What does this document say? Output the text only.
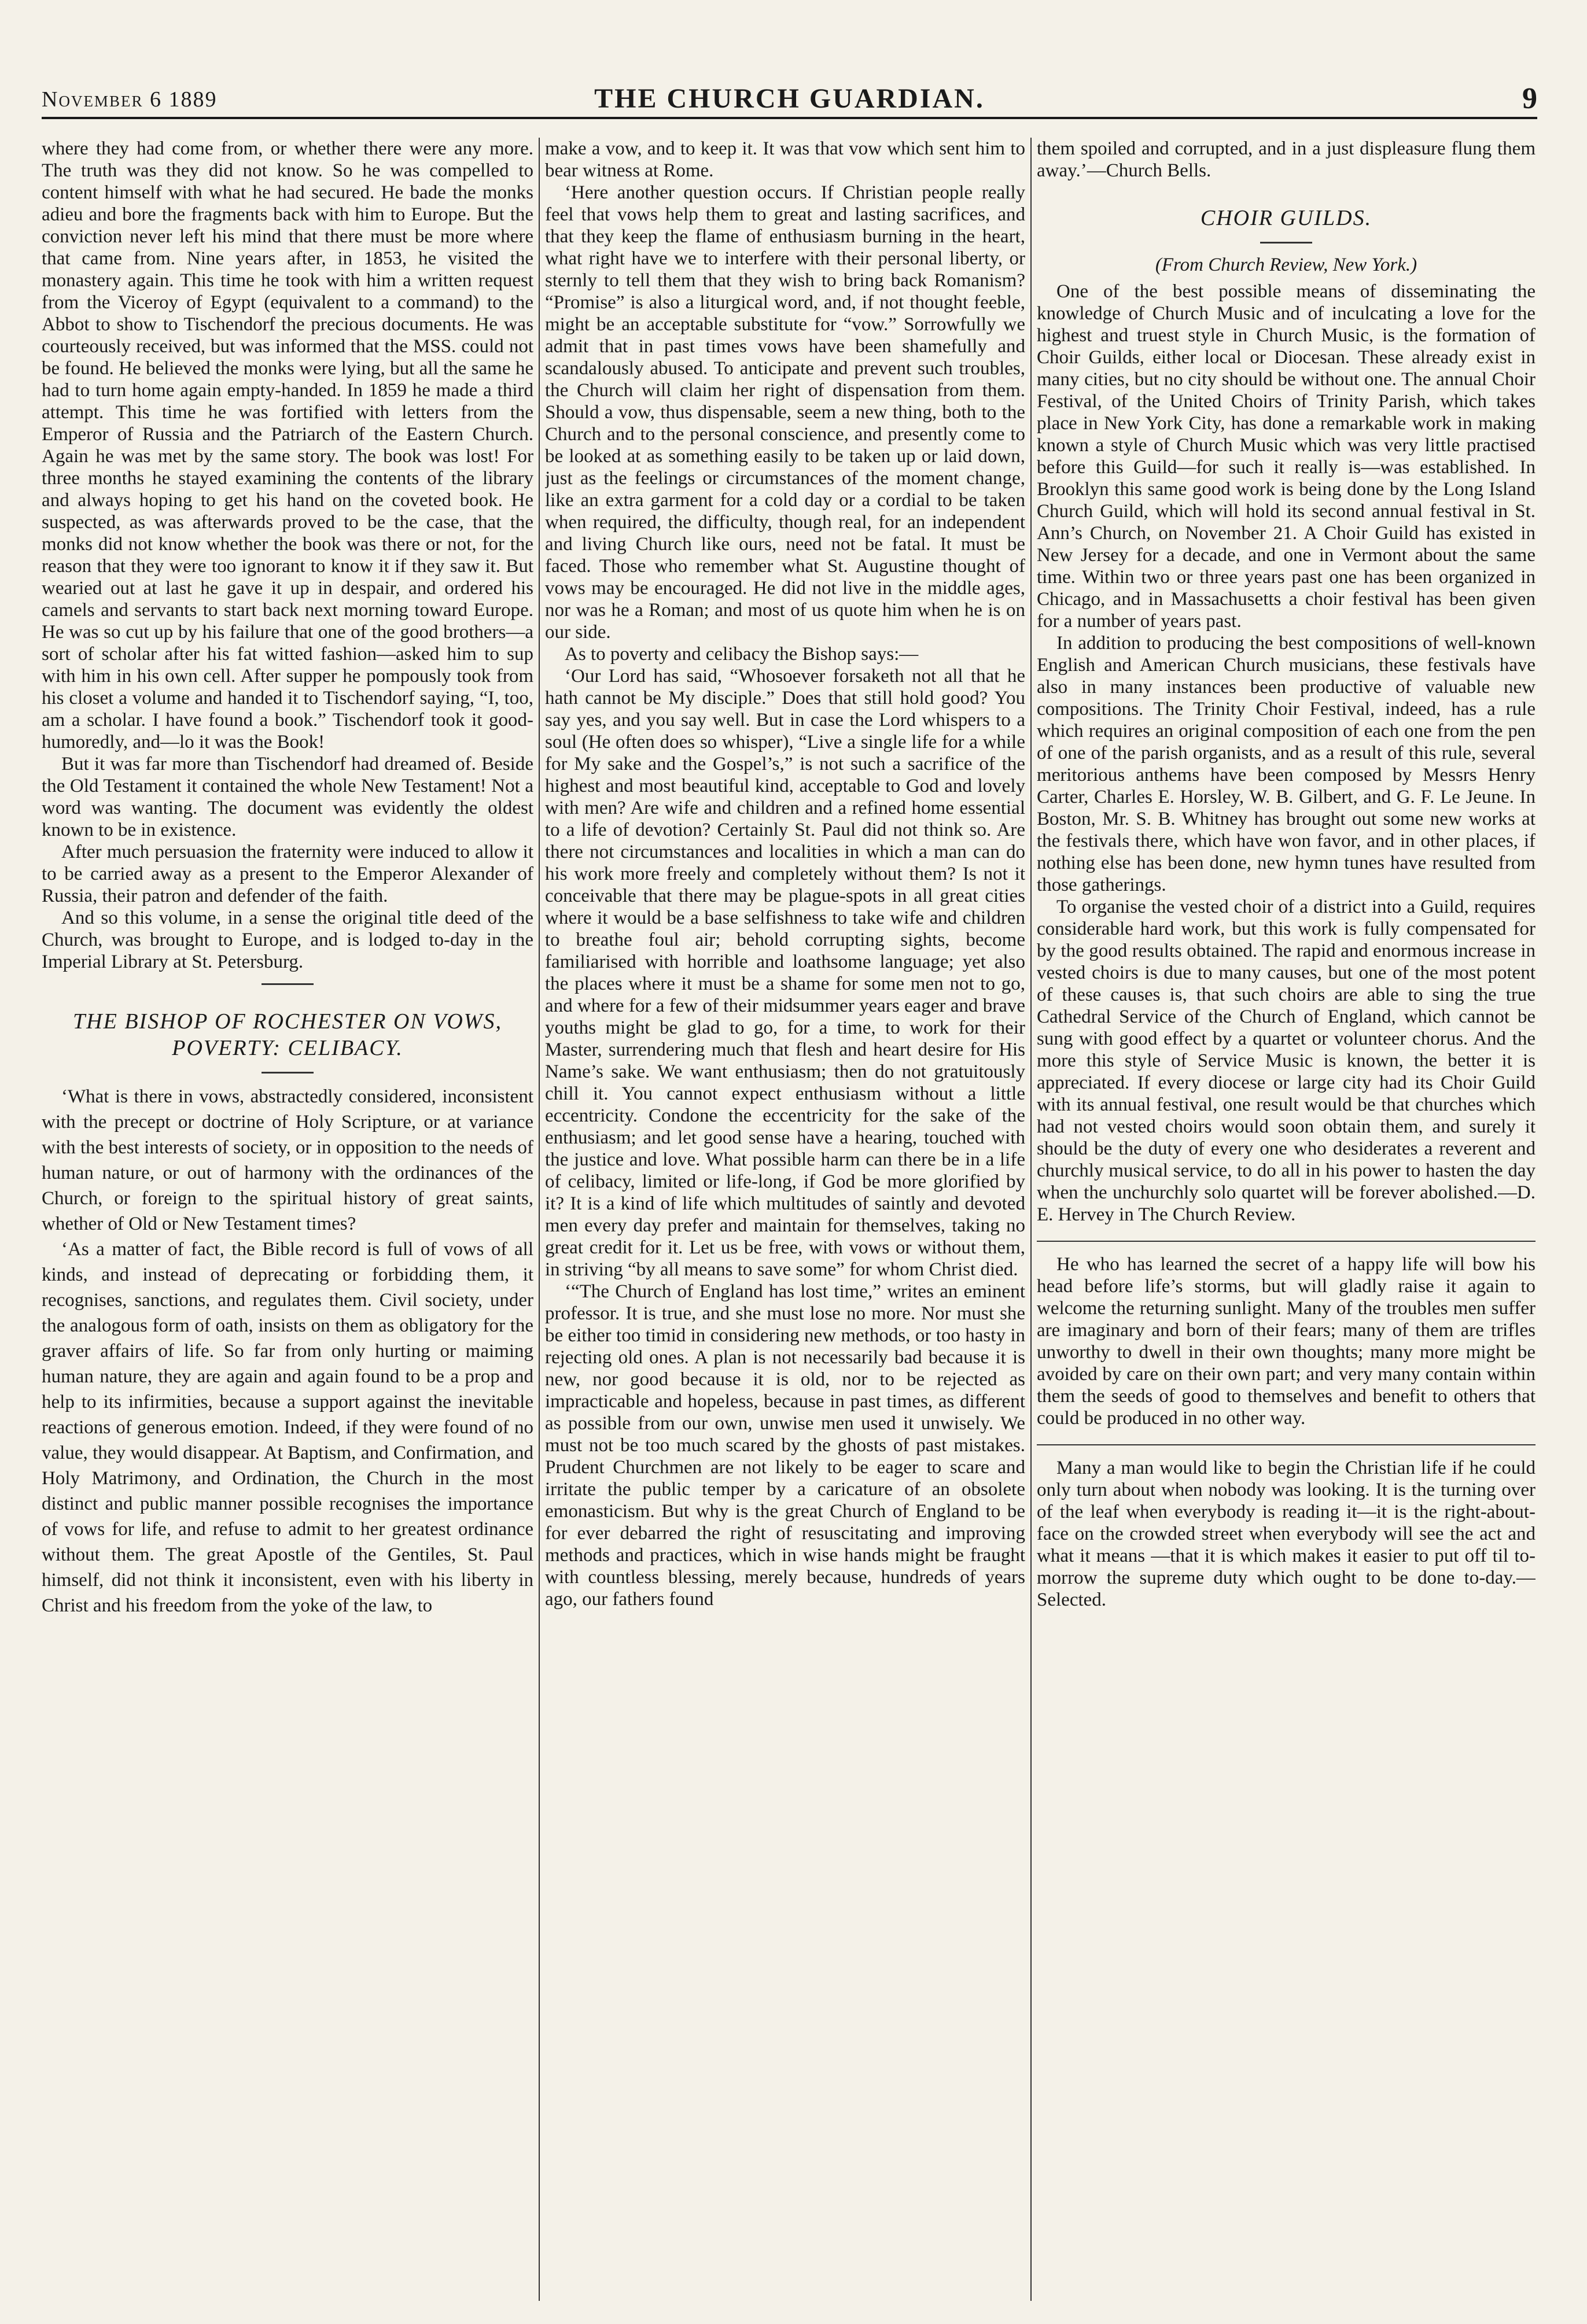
November 6 1889	THE CHURCH GUARDIAN.	9

where they had come from, or whether there were any more. The truth was they did not know. So he was compelled to content himself with what he had secured. He bade the monks adieu and bore the fragments back with him to Europe. But the conviction never left his mind that there must be more where that came from. Nine years after, in 1853, he visited the monastery again. This time he took with him a written request from the Viceroy of Egypt (equivalent to a command) to the Abbot to show to Tischendorf the precious documents. He was courteously received, but was informed that the MSS. could not be found. He believed the monks were lying, but all the same he had to turn home again empty-handed. In 1859 he made a third attempt. This time he was fortified with letters from the Emperor of Russia and the Patriarch of the Eastern Church. Again he was met by the same story. The book was lost! For three months he stayed examining the contents of the library and always hoping to get his hand on the coveted book. He suspected, as was afterwards proved to be the case, that the monks did not know whether the book was there or not, for the reason that they were too ignorant to know it if they saw it. But wearied out at last he gave it up in despair, and ordered his camels and servants to start back next morning toward Europe. He was so cut up by his failure that one of the good brothers—a sort of scholar after his fat witted fashion—asked him to sup with him in his own cell. After supper he pompously took from his closet a volume and handed it to Tischendorf saying, “I, too, am a scholar. I have found a book.” Tischendorf took it good-humoredly, and—lo it was the Book!

But it was far more than Tischendorf had dreamed of. Beside the Old Testament it contained the whole New Testament! Not a word was wanting. The document was evidently the oldest known to be in existence.

After much persuasion the fraternity were induced to allow it to be carried away as a present to the Emperor Alexander of Russia, their patron and defender of the faith.

And so this volume, in a sense the original title deed of the Church, was brought to Europe, and is lodged to-day in the Imperial Library at St. Petersburg.

THE BISHOP OF ROCHESTER ON VOWS, POVERTY: CELIBACY.

‘What is there in vows, abstractedly considered, inconsistent with the precept or doctrine of Holy Scripture, or at variance with the best interests of society, or in opposition to the needs of human nature, or out of harmony with the ordinances of the Church, or foreign to the spiritual history of great saints, whether of Old or New Testament times?

‘As a matter of fact, the Bible record is full of vows of all kinds, and instead of deprecating or forbidding them, it recognises, sanctions, and regulates them. Civil society, under the analogous form of oath, insists on them as obligatory for the graver affairs of life. So far from only hurting or maiming human nature, they are again and again found to be a prop and help to its infirmities, because a support against the inevitable reactions of generous emotion. Indeed, if they were found of no value, they would disappear. At Baptism, and Confirmation, and Holy Matrimony, and Ordination, the Church in the most distinct and public manner possible recognises the importance of vows for life, and refuse to admit to her greatest ordinance without them. The great Apostle of the Gentiles, St. Paul himself, did not think it inconsistent, even with his liberty in Christ and his freedom from the yoke of the law, to

make a vow, and to keep it. It was that vow which sent him to bear witness at Rome.

‘Here another question occurs. If Christian people really feel that vows help them to great and lasting sacrifices, and that they keep the flame of enthusiasm burning in the heart, what right have we to interfere with their personal liberty, or sternly to tell them that they wish to bring back Romanism? “Promise” is also a liturgical word, and, if not thought feeble, might be an acceptable substitute for “vow.” Sorrowfully we admit that in past times vows have been shamefully and scandalously abused. To anticipate and prevent such troubles, the Church will claim her right of dispensation from them. Should a vow, thus dispensable, seem a new thing, both to the Church and to the personal conscience, and presently come to be looked at as something easily to be taken up or laid down, just as the feelings or circumstances of the moment change, like an extra garment for a cold day or a cordial to be taken when required, the difficulty, though real, for an independent and living Church like ours, need not be fatal. It must be faced. Those who remember what St. Augustine thought of vows may be encouraged. He did not live in the middle ages, nor was he a Roman; and most of us quote him when he is on our side.

As to poverty and celibacy the Bishop says:—

‘Our Lord has said, “Whosoever forsaketh not all that he hath cannot be My disciple.” Does that still hold good? You say yes, and you say well. But in case the Lord whispers to a soul (He often does so whisper), “Live a single life for a while for My sake and the Gospel’s,” is not such a sacrifice of the highest and most beautiful kind, acceptable to God and lovely with men? Are wife and children and a refined home essential to a life of devotion? Certainly St. Paul did not think so. Are there not circumstances and localities in which a man can do his work more freely and completely without them? Is not it conceivable that there may be plague-spots in all great cities where it would be a base selfishness to take wife and children to breathe foul air; behold corrupting sights, become familiarised with horrible and loathsome language; yet also the places where it must be a shame for some men not to go, and where for a few of their midsummer years eager and brave youths might be glad to go, for a time, to work for their Master, surrendering much that flesh and heart desire for His Name’s sake. We want enthusiasm; then do not gratuitously chill it. You cannot expect enthusiasm without a little eccentricity. Condone the eccentricity for the sake of the enthusiasm; and let good sense have a hearing, touched with the justice and love. What possible harm can there be in a life of celibacy, limited or life-long, if God be more glorified by it? It is a kind of life which multitudes of saintly and devoted men every day prefer and maintain for themselves, taking no great credit for it. Let us be free, with vows or without them, in striving “by all means to save some” for whom Christ died.

‘“The Church of England has lost time,” writes an eminent professor. It is true, and she must lose no more. Nor must she be either too timid in considering new methods, or too hasty in rejecting old ones. A plan is not necessarily bad because it is new, nor good because it is old, nor to be rejected as impracticable and hopeless, because in past times, as different as possible from our own, unwise men used it unwisely. We must not be too much scared by the ghosts of past mistakes. Prudent Churchmen are not likely to be eager to scare and irritate the public temper by a caricature of an obsolete emonasticism. But why is the great Church of England to be for ever debarred the right of resuscitating and improving methods and practices, which in wise hands might be fraught with countless blessing, merely because, hundreds of years ago, our fathers found

them spoiled and corrupted, and in a just displeasure flung them away.’—Church Bells.

CHOIR GUILDS.
(From Church Review, New York.)

One of the best possible means of disseminating the knowledge of Church Music and of inculcating a love for the highest and truest style in Church Music, is the formation of Choir Guilds, either local or Diocesan. These already exist in many cities, but no city should be without one. The annual Choir Festival, of the United Choirs of Trinity Parish, which takes place in New York City, has done a remarkable work in making known a style of Church Music which was very little practised before this Guild—for such it really is—was established. In Brooklyn this same good work is being done by the Long Island Church Guild, which will hold its second annual festival in St. Ann’s Church, on November 21. A Choir Guild has existed in New Jersey for a decade, and one in Vermont about the same time. Within two or three years past one has been organized in Chicago, and in Massachusetts a choir festival has been given for a number of years past.

In addition to producing the best compositions of well-known English and American Church musicians, these festivals have also in many instances been productive of valuable new compositions. The Trinity Choir Festival, indeed, has a rule which requires an original composition of each one from the pen of one of the parish organists, and as a result of this rule, several meritorious anthems have been composed by Messrs Henry Carter, Charles E. Horsley, W. B. Gilbert, and G. F. Le Jeune. In Boston, Mr. S. B. Whitney has brought out some new works at the festivals there, which have won favor, and in other places, if nothing else has been done, new hymn tunes have resulted from those gatherings.

To organise the vested choir of a district into a Guild, requires considerable hard work, but this work is fully compensated for by the good results obtained. The rapid and enormous increase in vested choirs is due to many causes, but one of the most potent of these causes is, that such choirs are able to sing the true Cathedral Service of the Church of England, which cannot be sung with good effect by a quartet or volunteer chorus. And the more this style of Service Music is known, the better it is appreciated. If every diocese or large city had its Choir Guild with its annual festival, one result would be that churches which had not vested choirs would soon obtain them, and surely it should be the duty of every one who desiderates a reverent and churchly musical service, to do all in his power to hasten the day when the unchurchly solo quartet will be forever abolished.—D. E. Hervey in The Church Review.

He who has learned the secret of a happy life will bow his head before life’s storms, but will gladly raise it again to welcome the returning sunlight. Many of the troubles men suffer are imaginary and born of their fears; many of them are trifles unworthy to dwell in their own thoughts; many more might be avoided by care on their own part; and very many contain within them the seeds of good to themselves and benefit to others that could be produced in no other way.

Many a man would like to begin the Christian life if he could only turn about when nobody was looking. It is the turning over of the leaf when everybody is reading it—it is the right-about-face on the crowded street when everybody will see the act and what it means —that it is which makes it easier to put off til to-morrow the supreme duty which ought to be done to-day.—Selected.
